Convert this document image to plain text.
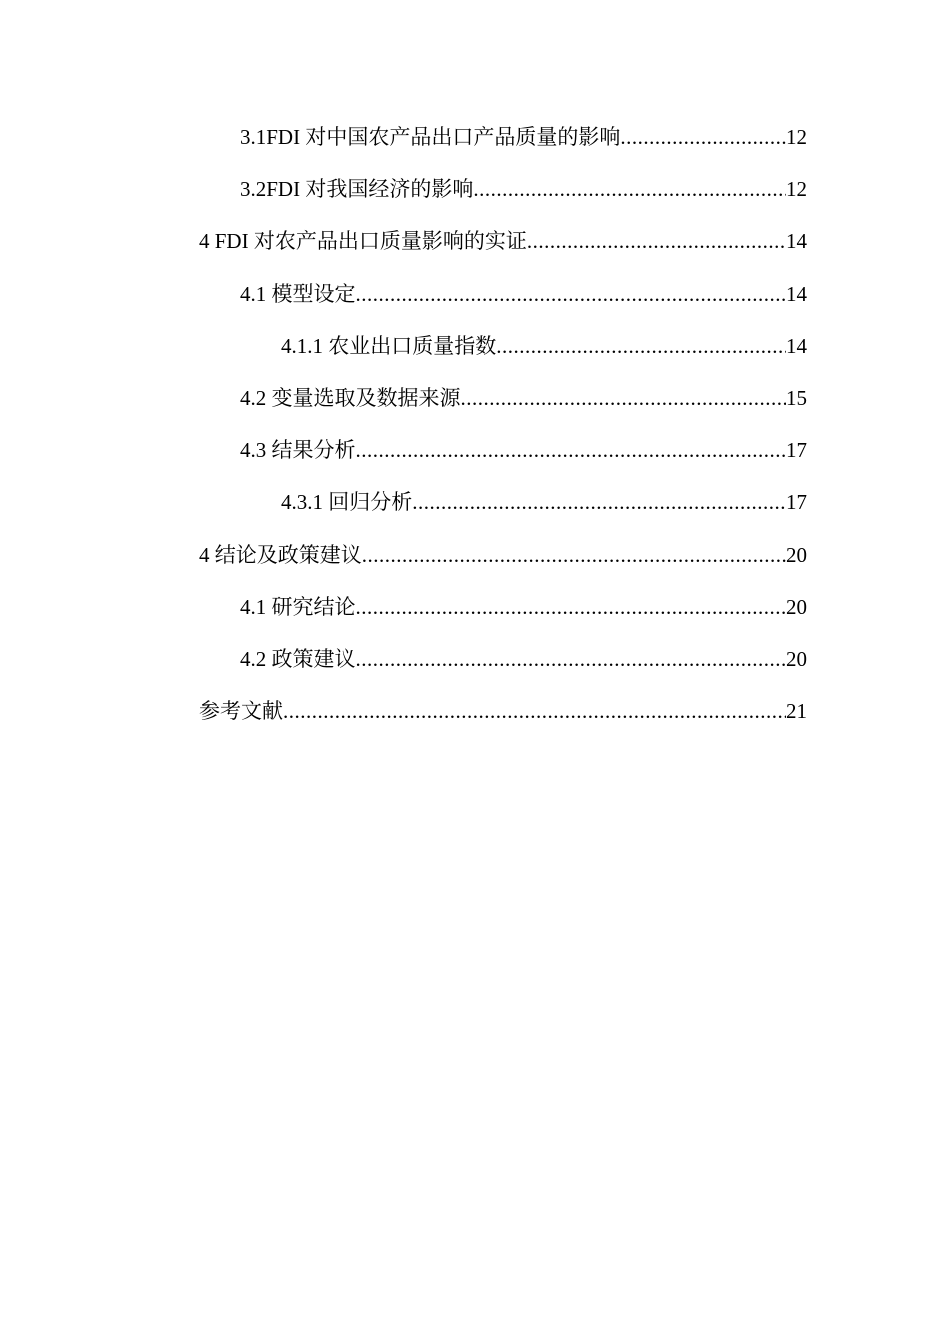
3.1FDI 对中国农产品出口产品质量的影响 .....	12
3.2FDI 对我国经济的影响 .....	12
4 FDI 对农产品出口质量影响的实证 .....	14
4.1 模型设定 .....	14
4.1.1 农业出口质量指数 .....	14
4.2 变量选取及数据来源 .....	15
4.3 结果分析 .....	17
4.3.1 回归分析 .....	17
4 结论及政策建议 .....	20
4.1 研究结论 .....	20
4.2 政策建议 .....	20
参考文献 .....	21
